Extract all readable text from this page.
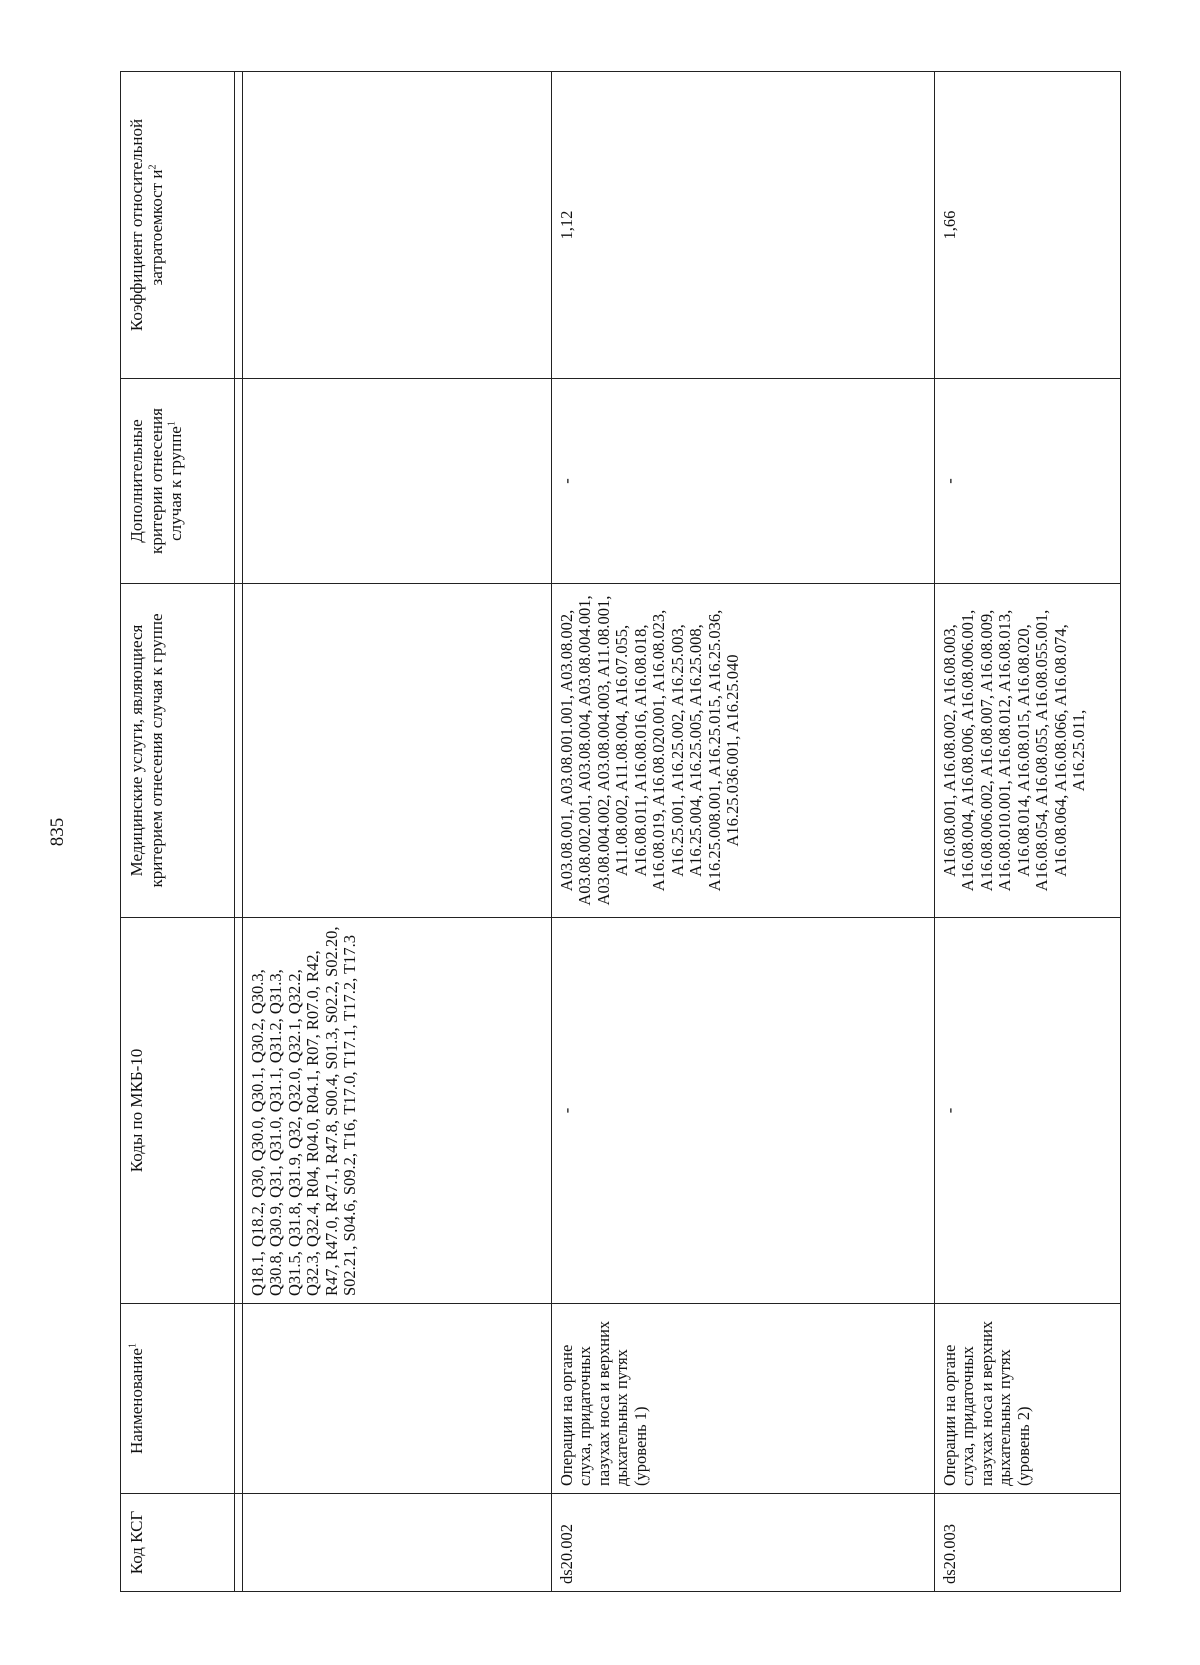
835
Код КСГ	Наименование$^1$	Коды по МКБ-10	Медицинские услуги, являющиеся критерием отнесения случая к группе	Дополнительные критерии отнесения случая к группе$^1$	Коэффициент относительной затратоемкост $и^2$

		Q18.1, Q18.2, Q30, Q30.0, Q30.1, Q30.2, Q30.3, Q30.8, Q30.9, Q31, Q31.0, Q31.1, Q31.2, Q31.3, Q31.5, Q31.8, Q31.9, Q32, Q32.0, Q32.1, Q32.2, Q32.3, Q32.4, R04, R04.0, R04.1, R07, R07.0, R42, R47, R47.0, R47.1, R47.8, S00.4, S01.3, S02.2, S02.20, S02.21, S04.6, S09.2, T16, T17.0, T17.1, T17.2, T17.3			
ds20.002	Операции на органе слуха, придаточных пазухах носа и верхних дыхательных путях (уровень 1)	-	A03.08.001, A03.08.001.001, A03.08.002, A03.08.002.001, A03.08.004, A03.08.004.001, A03.08.004.002, A03.08.004.003, A11.08.001, A11.08.002, A11.08.004, A16.07.055, A16.08.011, A16.08.016, A16.08.018, A16.08.019, A16.08.020.001, A16.08.023, A16.25.001, A16.25.002, A16.25.003, A16.25.004, A16.25.005, A16.25.008, A16.25.008.001, A16.25.015, A16.25.036, A16.25.036.001, A16.25.040	-	1,12
ds20.003	Операции на органе слуха, придаточных пазухах носа и верхних дыхательных путях (уровень 2)	-	A16.08.001, A16.08.002, A16.08.003, A16.08.004, A16.08.006, A16.08.006.001, A16.08.006.002, A16.08.007, A16.08.009, A16.08.010.001, A16.08.012, A16.08.013, A16.08.014, A16.08.015, A16.08.020, A16.08.054, A16.08.055, A16.08.055.001, A16.08.064, A16.08.066, A16.08.074, A16.25.011,	-	1,66
